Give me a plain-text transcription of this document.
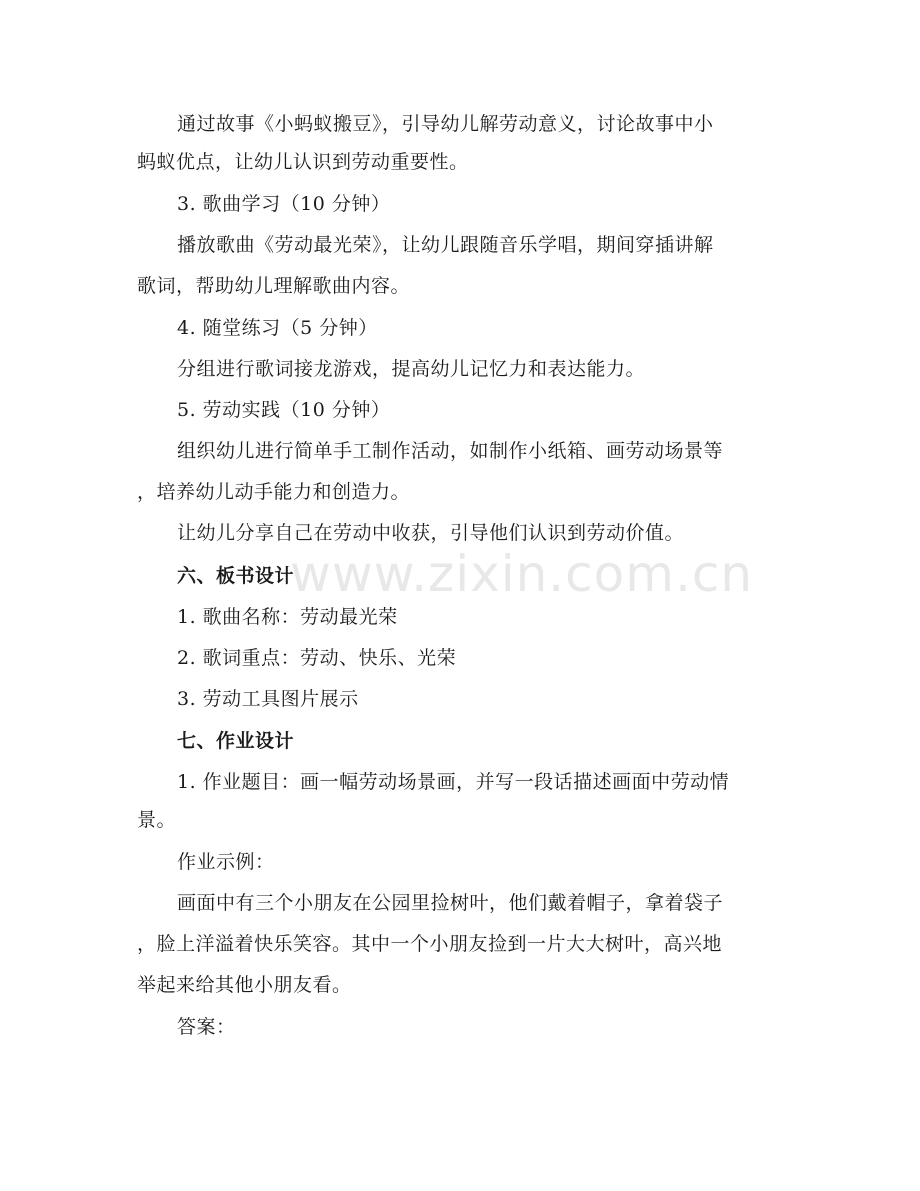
www.zixin.com.cn
通过故事《小蚂蚁搬豆》，引导幼儿解劳动意义，讨论故事中小
蚂蚁优点，让幼儿认识到劳动重要性。
3. 歌曲学习（10 分钟）
播放歌曲《劳动最光荣》，让幼儿跟随音乐学唱，期间穿插讲解
歌词，帮助幼儿理解歌曲内容。
4. 随堂练习（5 分钟）
分组进行歌词接龙游戏，提高幼儿记忆力和表达能力。
5. 劳动实践（10 分钟）
组织幼儿进行简单手工制作活动，如制作小纸箱、画劳动场景等
，培养幼儿动手能力和创造力。
让幼儿分享自己在劳动中收获，引导他们认识到劳动价值。
六、板书设计
1. 歌曲名称：劳动最光荣
2. 歌词重点：劳动、快乐、光荣
3. 劳动工具图片展示
七、作业设计
1. 作业题目：画一幅劳动场景画，并写一段话描述画面中劳动情
景。
作业示例：
画面中有三个小朋友在公园里捡树叶，他们戴着帽子，拿着袋子
，脸上洋溢着快乐笑容。其中一个小朋友捡到一片大大树叶，高兴地
举起来给其他小朋友看。
答案：
